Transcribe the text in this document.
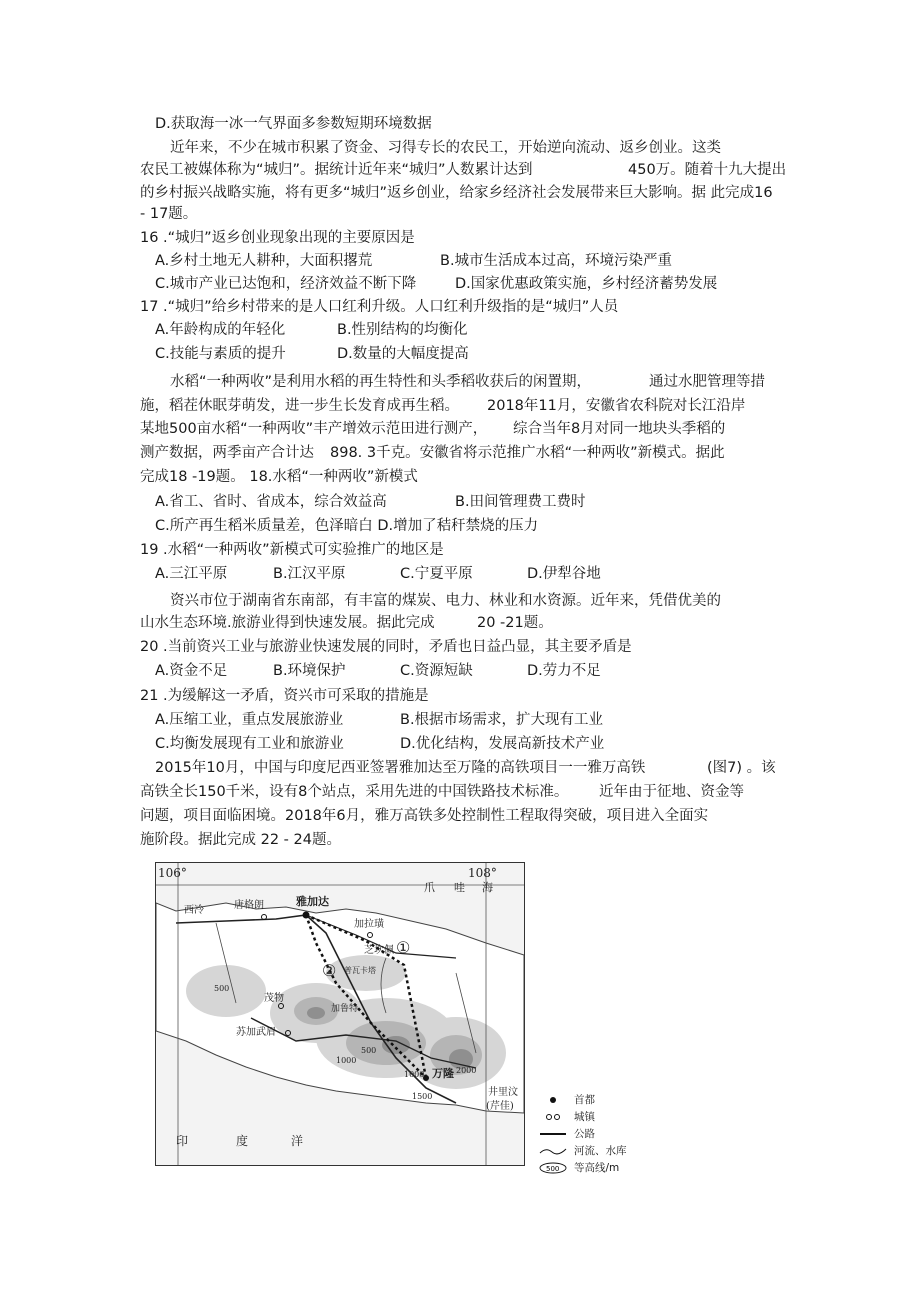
D.获取海一冰一气界面多参数短期环境数据
近年来，不少在城市积累了资金、习得专长的农民工，开始逆向流动、返乡创业。这类
农民工被媒体称为“城归”。据统计近年来“城归”人数累计达到	450万。随着十九大提出
的乡村振兴战略实施，将有更多“城归”返乡创业，给家乡经济社会发展带来巨大影响。据 此完成16
- 17题。
16 .“城归”返乡创业现象出现的主要原因是
A.乡村土地无人耕种，大面积撂荒	B.城市生活成本过高，环境污染严重
C.城市产业已达饱和，经济效益不断下降	D.国家优惠政策实施，乡村经济蓄势发展
17 .“城归”给乡村带来的是人口红利升级。人口红利升级指的是“城归”人员
A.年龄构成的年轻化	B.性别结构的均衡化
C.技能与素质的提升	D.数量的大幅度提高
水稻“一种两收”是利用水稻的再生特性和头季稻收获后的闲置期，	通过水肥管理等措
施，稻茬休眠芽萌发，进一步生长发育成再生稻。 2018年11月，安徽省农科院对长江沿岸
某地500亩水稻“一种两收”丰产增效示范田进行测产， 综合当年8月对同一地块头季稻的
测产数据，两季亩产合计达 898. 3千克。安徽省将示范推广水稻“一种两收”新模式。据此
完成18 -19题。 18.水稻“一种两收”新模式
A.省工、省时、省成本，综合效益高	B.田间管理费工费时
C.所产再生稻米质量差，色泽暗白 D.增加了秸秆禁烧的压力
19 .水稻“一种两收”新模式可实验推广的地区是
A.三江平原	B.江汉平原	C.宁夏平原	D.伊犁谷地
资兴市位于湖南省东南部，有丰富的煤炭、电力、林业和水资源。近年来，凭借优美的
山水生态环境.旅游业得到快速发展。据此完成	20 -21题。
20 .当前资兴工业与旅游业快速发展的同时，矛盾也日益凸显，其主要矛盾是
A.资金不足	B.环境保护	C.资源短缺	D.劳力不足
21 .为缓解这一矛盾，资兴市可采取的措施是
A.压缩工业，重点发展旅游业	B.根据市场需求，扩大现有工业
C.均衡发展现有工业和旅游业	D.优化结构，发展高新技术产业
2015年10月，中国与印度尼西亚签署雅加达至万隆的高铁项目一一雅万高铁	(图7) 。该
高铁全长150千米，设有8个站点，采用先进的中国铁路技术标准。 近年由于征地、资金等
问题，项目面临困境。2018年6月，雅万高铁多处控制性工程取得突破，项目进入全面实
施阶段。据此完成 22 - 24题。
106°	108°
爪 哇 海
印	度	洋
西冷	唐格朗	雅加达
加拉璜
芝坎佩
普瓦卡塔
茂物
苏加武眉
万隆
加鲁特
井里汶
(芹佳)
①
②
500
500
1000
1000
1500
2000
首都
城镇
公路
河流、水库
500 等高线/m
